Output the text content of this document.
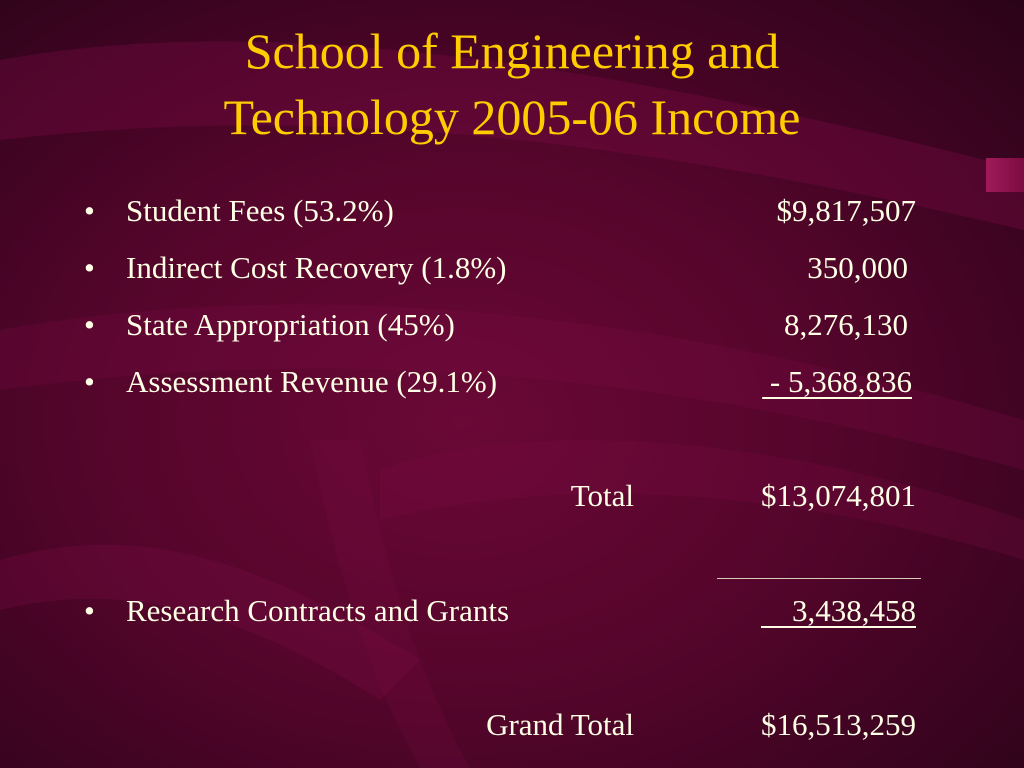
School of Engineering and
Technology 2005-06 Income
• Student Fees (53.2%)	$9,817,507
• Indirect Cost Recovery (1.8%)	350,000
• State Appropriation (45%)	8,276,130
• Assessment Revenue (29.1%)	- 5,368,836
Total	$13,074,801
• Research Contracts and Grants	3,438,458
Grand Total	$16,513,259
